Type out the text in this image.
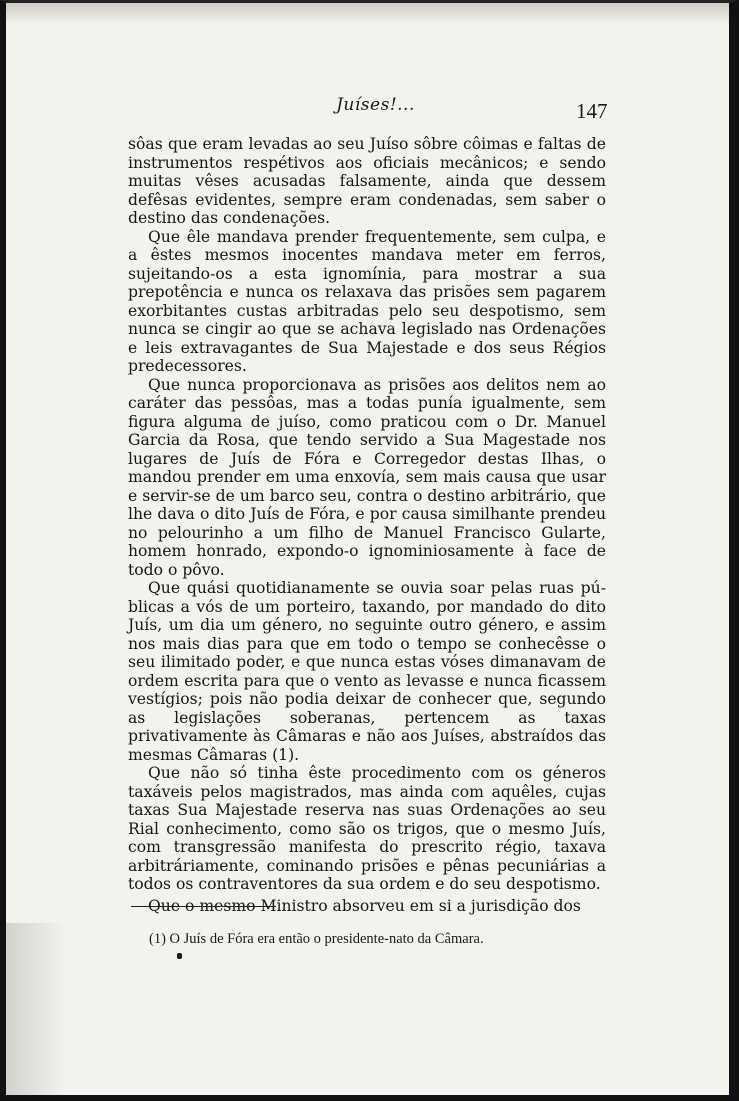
Juíses!...	147

sôas que eram levadas ao seu Juíso sôbre côimas e faltas de instrumentos respétivos aos oficiais mecânicos; e sendo muitas vêses acusadas falsamente, ainda que dessem defêsas evidentes, sempre eram condenadas, sem saber o destino das condenações.

Que êle mandava prender frequentemente, sem culpa, e a êstes mesmos inocentes mandava meter em ferros, sujeitando-os a esta ignomínia, para mostrar a sua prepotência e nunca os relaxava das prisões sem pagarem exorbitantes custas arbitradas pelo seu despotismo, sem nunca se cingir ao que se achava legislado nas Ordenações e leis extravagantes de Sua Majestade e dos seus Régios predecessores.

Que nunca proporcionava as prisões aos delitos nem ao caráter das pessôas, mas a todas punía igualmente, sem figura alguma de juíso, como praticou com o Dr. Manuel Garcia da Rosa, que tendo servido a Sua Magestade nos lugares de Juís de Fóra e Corregedor destas Ilhas, o mandou prender em uma enxovía, sem mais causa que usar e servir-se de um barco seu, contra o destino arbitrário, que lhe dava o dito Juís de Fóra, e por causa similhante prendeu no pelourinho a um filho de Manuel Francisco Gularte, homem honrado, expondo-o ignominiosamente à face de todo o pôvo.

Que quási quotidianamente se ouvia soar pelas ruas públicas a vós de um porteiro, taxando, por mandado do dito Juís, um dia um género, no seguinte outro género, e assim nos mais dias para que em todo o tempo se conhecêsse o seu ilimitado poder, e que nunca estas vóses dimanavam de ordem escrita para que o vento as levasse e nunca ficassem vestígios; pois não podia deixar de conhecer que, segundo as legislações soberanas, pertencem as taxas privativamente às Câmaras e não aos Juíses, abstraídos das mesmas Câmaras (1).

Que não só tinha êste procedimento com os géneros taxáveis pelos magistrados, mas ainda com aquêles, cujas taxas Sua Majestade reserva nas suas Ordenações ao seu Rial conhecimento, como são os trigos, que o mesmo Juís, com transgressão manifesta do prescrito régio, taxava arbitráriamente, cominando prisões e pênas pecuniárias a todos os contraventores da sua ordem e do seu despotismo.

Que o mesmo Ministro absorveu em si a jurisdição dos

(1) O Juís de Fóra era então o presidente-nato da Câmara.
